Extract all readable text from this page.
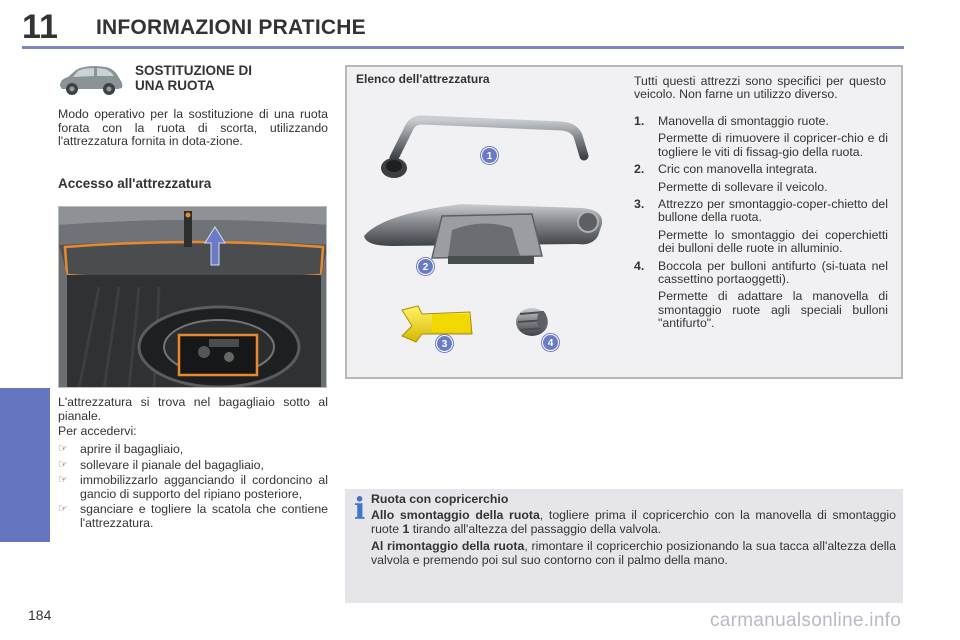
11 INFORMAZIONI PRATICHE
SOSTITUZIONE DI
UNA RUOTA
Modo operativo per la sostituzione di una ruota forata con la ruota di scorta, utilizzando l'attrezzatura fornita in dota-zione.
Accesso all'attrezzatura
L'attrezzatura si trova nel bagagliaio sotto al pianale.
Per accedervi:
☞ aprire il bagagliaio,
☞ sollevare il pianale del bagagliaio,
☞ immobilizzarlo agganciando il cordoncino al gancio di supporto del ripiano posteriore,
☞ sganciare e togliere la scatola che contiene l'attrezzatura.
Elenco dell'attrezzatura
1
2
3	4
Tutti questi attrezzi sono specifici per questo veicolo. Non farne un utilizzo diverso.
1.	Manovella di smontaggio ruote.
Permette di rimuovere il copricer-chio e di togliere le viti di fissag-gio della ruota.
2.	Cric con manovella integrata.
Permette di sollevare il veicolo.
3.	Attrezzo per smontaggio-coper-chietto del bullone della ruota.
Permette lo smontaggio dei coperchietti dei bulloni delle ruote in alluminio.
4.	Boccola per bulloni antifurto (si-tuata nel cassettino portaoggetti).
Permette di adattare la manovella di smontaggio ruote agli speciali bulloni "antifurto".
i Ruota con copricerchio

Allo smontaggio della ruota, togliere prima il copricerchio con la manovella di smontaggio ruote 1 tirando all'altezza del passaggio della valvola.

Al rimontaggio della ruota, rimontare il copricerchio posizionando la sua tacca all'altezza della valvola e premendo poi sul suo contorno con il palmo della mano.

184	carmanualsonline.info
